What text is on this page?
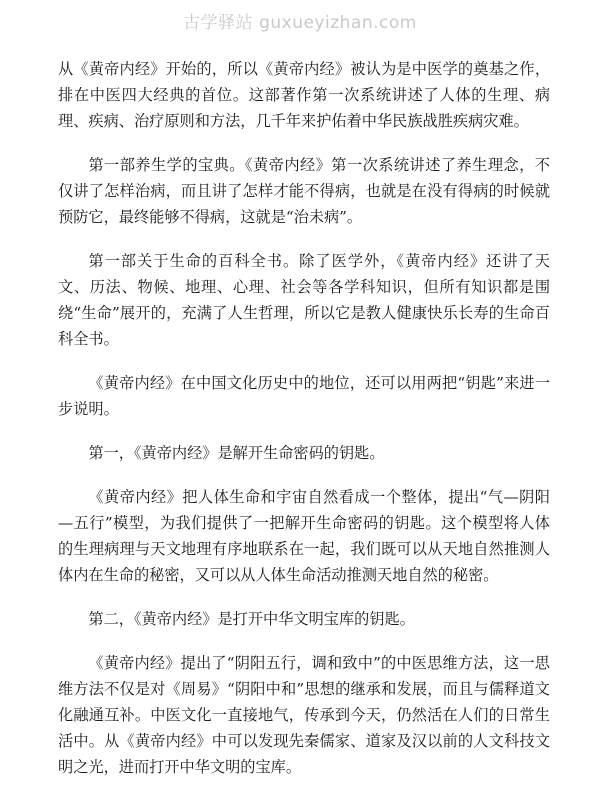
古学驿站 guxueyizhan.com

从《黄帝内经》开始的，所以《黄帝内经》被认为是中医学的奠基之作，排在中医四大经典的首位。这部著作第一次系统讲述了人体的生理、病理、疾病、治疗原则和方法，几千年来护佑着中华民族战胜疾病灾难。

第一部养生学的宝典。《黄帝内经》第一次系统讲述了养生理念，不仅讲了怎样治病，而且讲了怎样才能不得病，也就是在没有得病的时候就预防它，最终能够不得病，这就是“治未病”。

第一部关于生命的百科全书。除了医学外，《黄帝内经》还讲了天文、历法、物候、地理、心理、社会等各学科知识，但所有知识都是围绕“生命”展开的，充满了人生哲理，所以它是教人健康快乐长寿的生命百科全书。

《黄帝内经》在中国文化历史中的地位，还可以用两把“钥匙”来进一步说明。

第一，《黄帝内经》是解开生命密码的钥匙。

《黄帝内经》把人体生命和宇宙自然看成一个整体，提出“气—阴阳—五行”模型，为我们提供了一把解开生命密码的钥匙。这个模型将人体的生理病理与天文地理有序地联系在一起，我们既可以从天地自然推测人体内在生命的秘密，又可以从人体生命活动推测天地自然的秘密。

第二，《黄帝内经》是打开中华文明宝库的钥匙。

《黄帝内经》提出了“阴阳五行，调和致中”的中医思维方法，这一思维方法不仅是对《周易》“阴阳中和”思想的继承和发展，而且与儒释道文化融通互补。中医文化一直接地气，传承到今天，仍然活在人们的日常生活中。从《黄帝内经》中可以发现先秦儒家、道家及汉以前的人文科技文明之光，进而打开中华文明的宝库。
